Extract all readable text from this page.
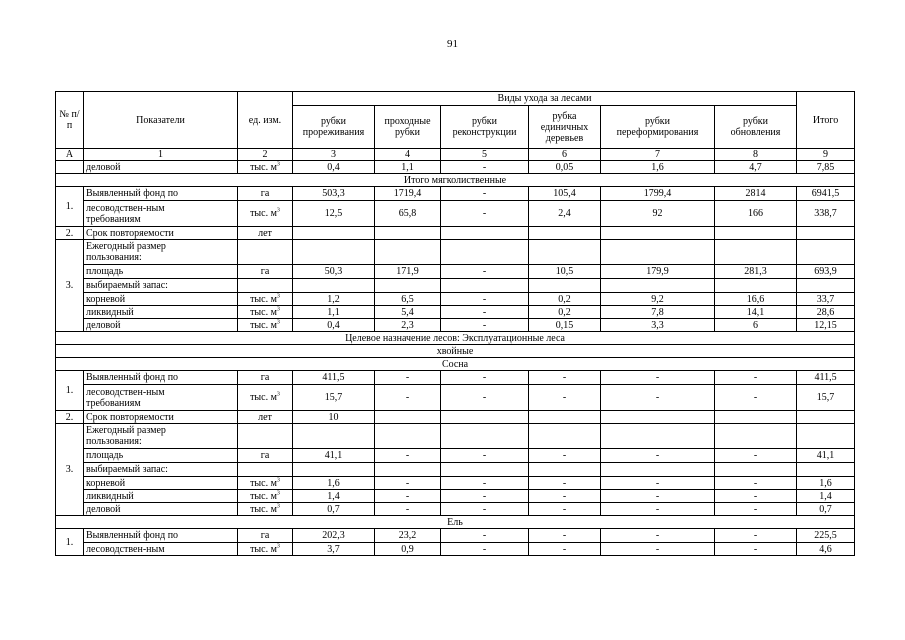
91
№ п/п	Показатели	ед. изм.	Виды ухода за лесами						Итого
			рубки прореживания	проходные рубки	рубки реконструкции	рубка единичных деревьев	рубки переформирования	рубки обновления	
А	1	2	3	4	5	6	7	8	9
	деловой	тыс. $м^3$	0,4	1,1	-	0,05	1,6	4,7	7,85
Итого мягколиственные									
1.	Выявленный фонд по	га	503,3	1719,4	-	105,4	1799,4	2814	6941,5

	лесоводствен-ным
требованиям	тыс. $м^3$	12,5	65,8	-	2,4	92	166	338,7
2.	Срок повторяемости	лет							
3.	Ежегодный размер
пользования:								

	площадь	га	50,3	171,9	-	10,5	179,9	281,3	693,9
	выбираемый запас:								
	корневой	тыс. $м^3$	1,2	6,5	-	0,2	9,2	16,6	33,7
	ликвидный	тыс. $м^3$	1,1	5,4	-	0,2	7,8	14,1	28,6
	деловой	тыс. $м^3$	0,4	2,3	-	0,15	3,3	6	12,15
Целевое назначение лесов: Эксплуатационные леса									
хвойные									
Сосна									
1.	Выявленный фонд по	га	411,5	-	-	-	-	-	411,5

	лесоводствен-ным
требованиям	тыс. $м^3$	15,7	-	-	-	-	-	15,7
2.	Срок повторяемости	лет	10						
3.	Ежегодный размер
пользования:								

	площадь	га	41,1	-	-	-	-	-	41,1
	выбираемый запас:								
	корневой	тыс. $м^3$	1,6	-	-	-	-	-	1,6
	ликвидный	тыс. $м^3$	1,4	-	-	-	-	-	1,4
	деловой	тыс. $м^3$	0,7	-	-	-	-	-	0,7
Ель									
1.	Выявленный фонд по	га	202,3	23,2	-	-	-	-	225,5
	лесоводствен-ным	тыс. $м^3$	3,7	0,9	-	-	-	-	4,6
